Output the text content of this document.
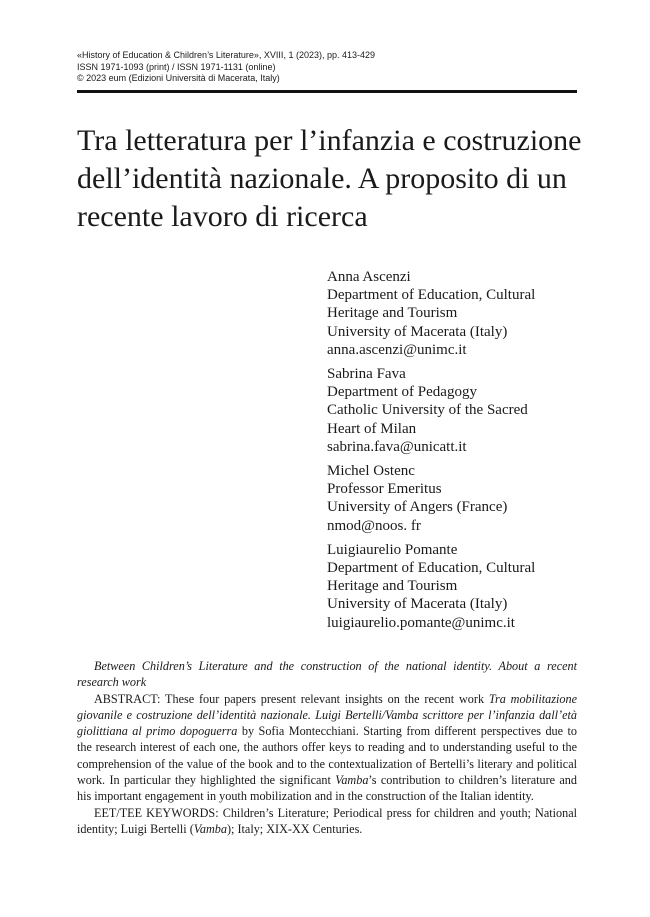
«History of Education & Children’s Literature», XVIII, 1 (2023), pp. 413-429
ISSN 1971-1093 (print) / ISSN 1971-1131 (online)
© 2023 eum (Edizioni Università di Macerata, Italy)
Tra letteratura per l’infanzia e costruzione
dell’identità nazionale. A proposito di un
recente lavoro di ricerca
Anna Ascenzi
Department of Education, Cultural
Heritage and Tourism
University of Macerata (Italy)
anna.ascenzi@unimc.it
Sabrina Fava
Department of Pedagogy
Catholic University of the Sacred
Heart of Milan
sabrina.fava@unicatt.it
Michel Ostenc
Professor Emeritus
University of Angers (France)
nmod@noos. fr
Luigiaurelio Pomante
Department of Education, Cultural
Heritage and Tourism
University of Macerata (Italy)
luigiaurelio.pomante@unimc.it

Between Children’s Literature and the construction of the national identity. About a recent research work

ABSTRACT: These four papers present relevant insights on the recent work Tra mobilitazione giovanile e costruzione dell’identità nazionale. Luigi Bertelli/Vamba scrittore per l’infanzia dall’età giolittiana al primo dopoguerra by Sofia Montecchiani. Starting from different perspectives due to the research interest of each one, the authors offer keys to reading and to understanding useful to the comprehension of the value of the book and to the contextualization of Bertelli’s literary and political work. In particular they highlighted the significant Vamba’s contribution to children’s literature and his important engagement in youth mobilization and in the construction of the Italian identity.

EET/TEE KEYWORDS: Children’s Literature; Periodical press for children and youth; National identity; Luigi Bertelli (Vamba); Italy; XIX-XX Centuries.
